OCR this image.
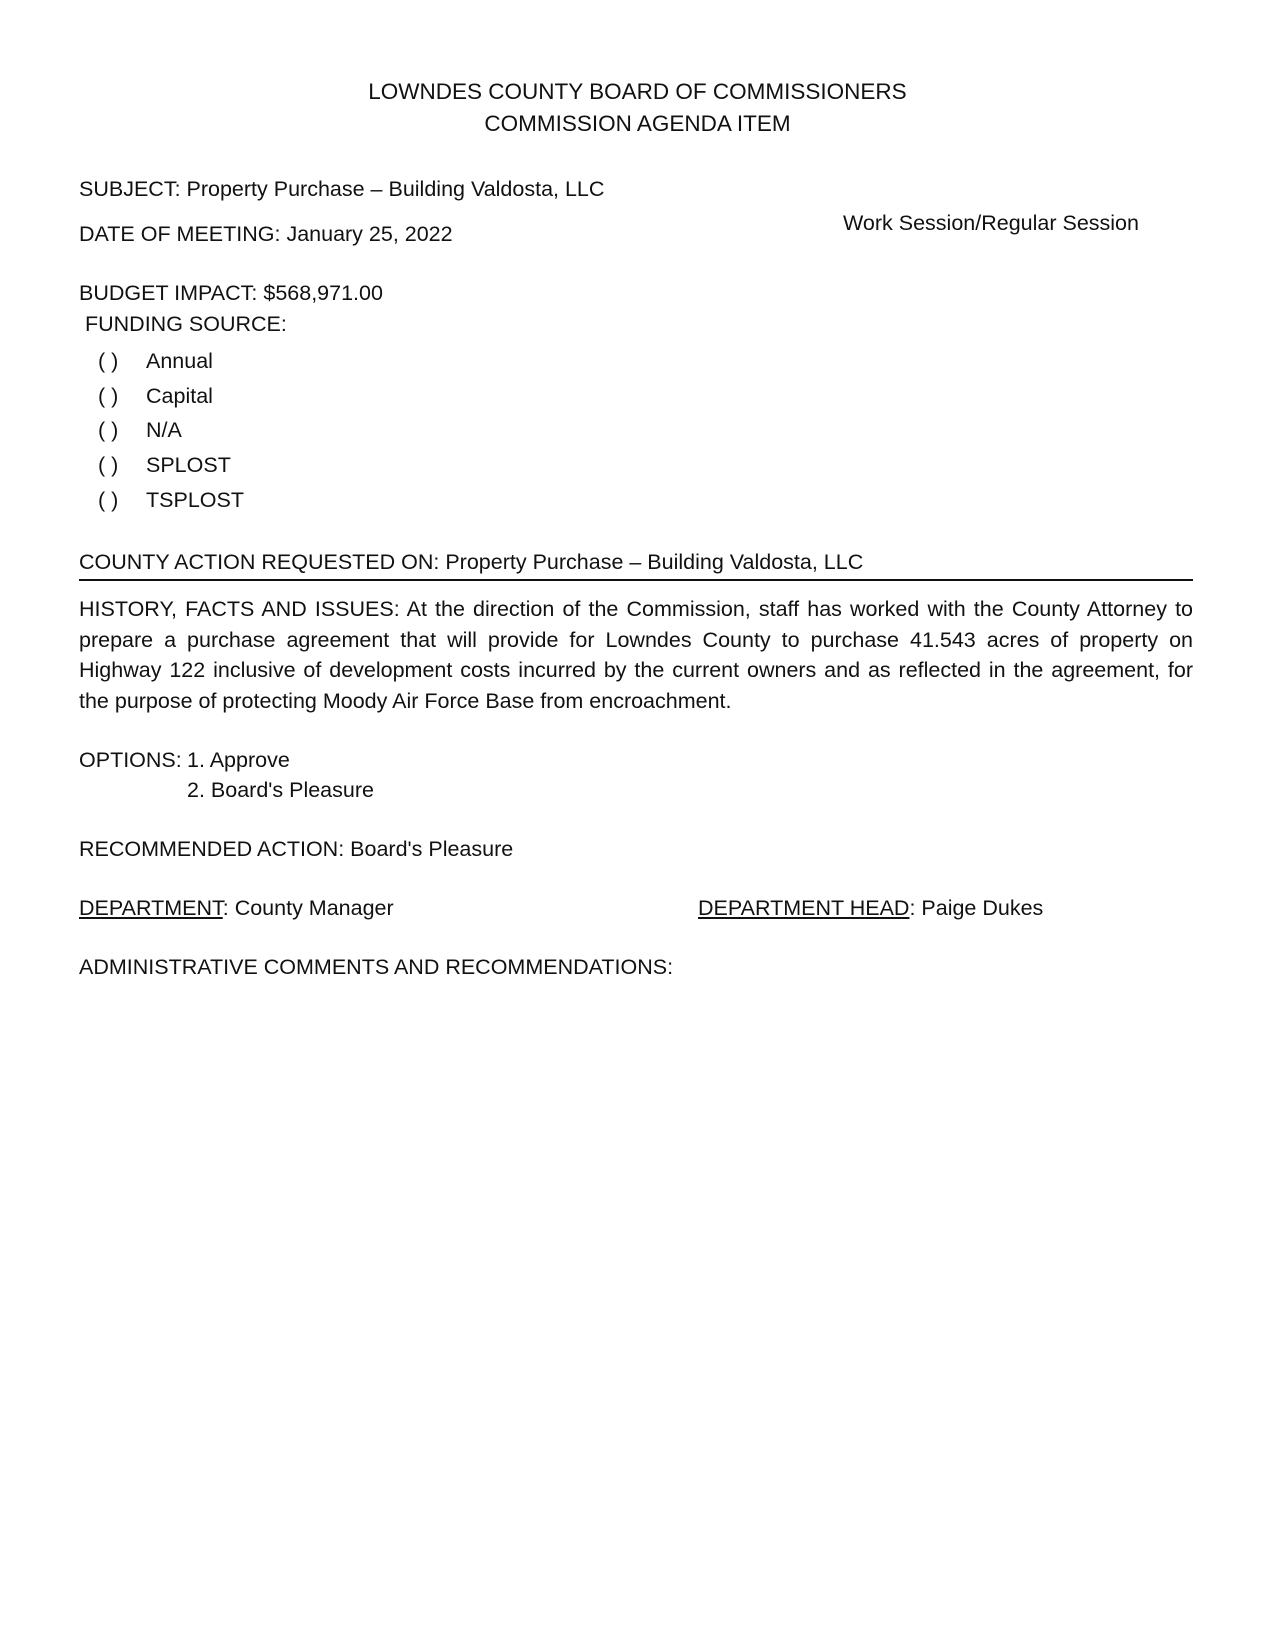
LOWNDES COUNTY BOARD OF COMMISSIONERS
COMMISSION AGENDA ITEM
SUBJECT: Property Purchase – Building Valdosta, LLC
DATE OF MEETING: January 25, 2022	Work Session/Regular Session
BUDGET IMPACT: $568,971.00
FUNDING SOURCE:
( ) Annual
( ) Capital
( ) N/A
( ) SPLOST
( ) TSPLOST
COUNTY ACTION REQUESTED ON: Property Purchase – Building Valdosta, LLC
HISTORY, FACTS AND ISSUES: At the direction of the Commission, staff has worked with the County Attorney to prepare a purchase agreement that will provide for Lowndes County to purchase 41.543 acres of property on Highway 122 inclusive of development costs incurred by the current owners and as reflected in the agreement, for the purpose of protecting Moody Air Force Base from encroachment.
OPTIONS: 1. Approve
2. Board's Pleasure
RECOMMENDED ACTION: Board's Pleasure
DEPARTMENT: County Manager	DEPARTMENT HEAD: Paige Dukes
ADMINISTRATIVE COMMENTS AND RECOMMENDATIONS:
